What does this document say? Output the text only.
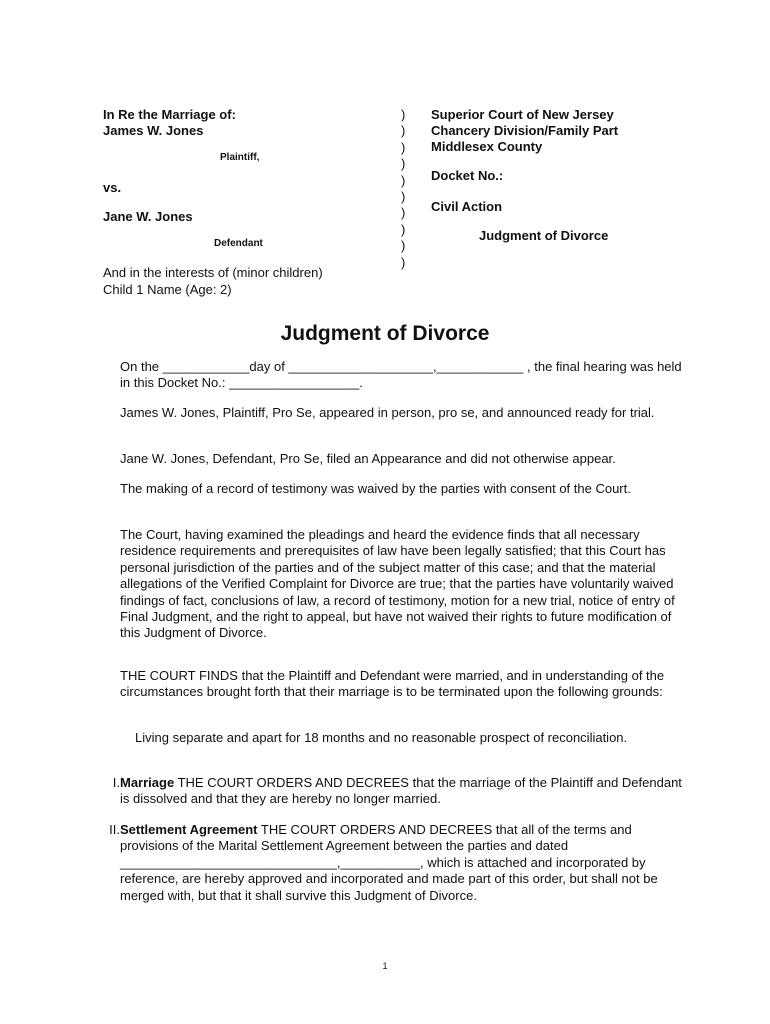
In Re the Marriage of:
James W. Jones
Plaintiff,
vs.
Jane W. Jones
Defendant
And in the interests of (minor children)
Child 1 Name (Age: 2)
)
)
)
)
)
)
)
)
)
)
Superior Court of New Jersey
Chancery Division/Family Part
Middlesex County
Docket No.:
Civil Action
Judgment of Divorce
Judgment of Divorce
On the ____________day of ____________________,____________ , the final hearing was held in this Docket No.: __________________.
James W. Jones, Plaintiff, Pro Se, appeared in person, pro se, and announced ready for trial.
Jane W. Jones, Defendant, Pro Se, filed an Appearance and did not otherwise appear.
The making of a record of testimony was waived by the parties with consent of the Court.
The Court, having examined the pleadings and heard the evidence finds that all necessary residence requirements and prerequisites of law have been legally satisfied; that this Court has personal jurisdiction of the parties and of the subject matter of this case; and that the material allegations of the Verified Complaint for Divorce are true; that the parties have voluntarily waived findings of fact, conclusions of law, a record of testimony, motion for a new trial, notice of entry of Final Judgment, and the right to appeal, but have not waived their rights to future modification of this Judgment of Divorce.
THE COURT FINDS that the Plaintiff and Defendant were married, and in understanding of the circumstances brought forth that their marriage is to be terminated upon the following grounds:
Living separate and apart for 18 months and no reasonable prospect of reconciliation.
I. Marriage THE COURT ORDERS AND DECREES that the marriage of the Plaintiff and Defendant is dissolved and that they are hereby no longer married.
II. Settlement Agreement THE COURT ORDERS AND DECREES that all of the terms and provisions of the Marital Settlement Agreement between the parties and dated ______________________________,___________, which is attached and incorporated by reference, are hereby approved and incorporated and made part of this order, but shall not be merged with, but that it shall survive this Judgment of Divorce.
1
